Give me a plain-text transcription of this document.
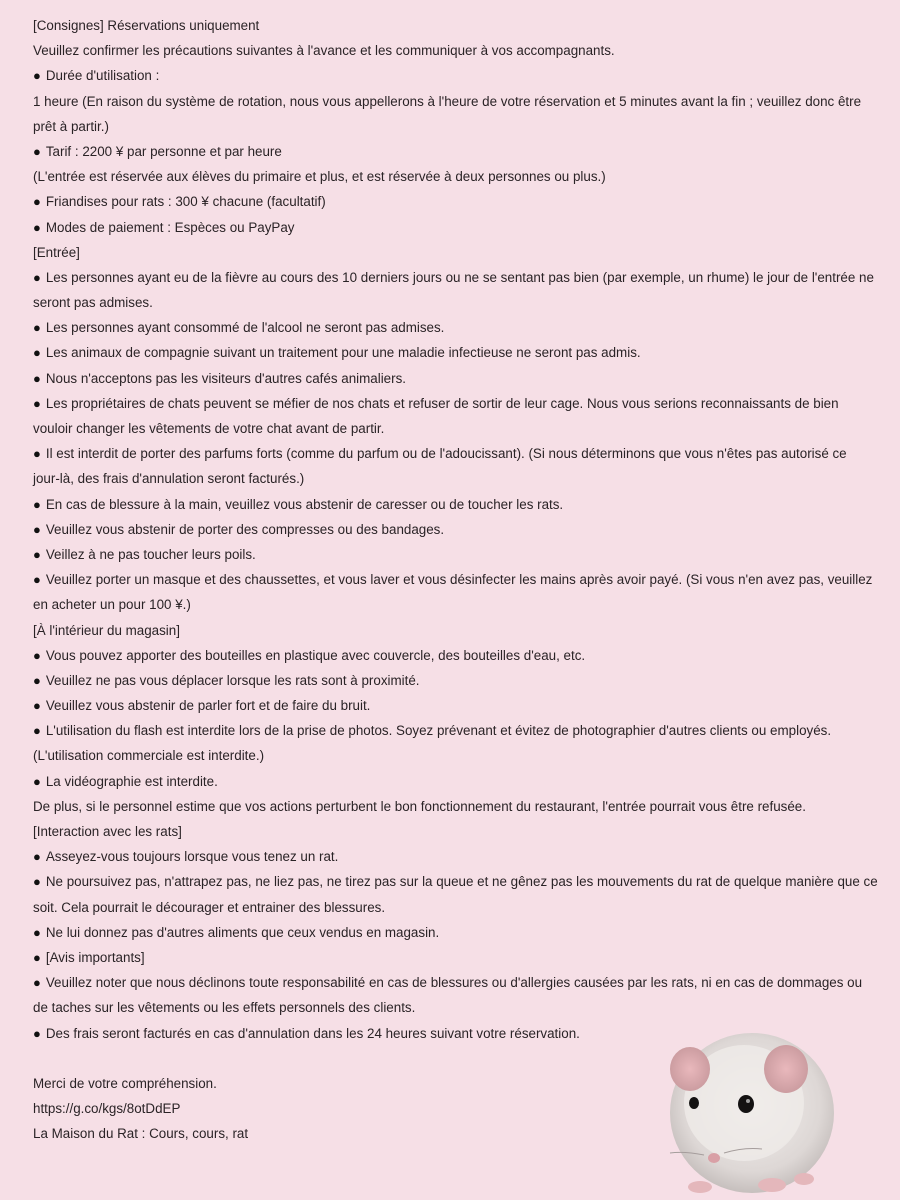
[Consignes] Réservations uniquement
Veuillez confirmer les précautions suivantes à l'avance et les communiquer à vos accompagnants.
● Durée d'utilisation :
1 heure (En raison du système de rotation, nous vous appellerons à l'heure de votre réservation et 5 minutes avant la fin ; veuillez donc être
prêt à partir.)
● Tarif : 2200 ¥ par personne et par heure
(L'entrée est réservée aux élèves du primaire et plus, et est réservée à deux personnes ou plus.)
● Friandises pour rats : 300 ¥ chacune (facultatif)
● Modes de paiement : Espèces ou PayPay
[Entrée]
● Les personnes ayant eu de la fièvre au cours des 10 derniers jours ou ne se sentant pas bien (par exemple, un rhume) le jour de l'entrée ne
seront pas admises.
● Les personnes ayant consommé de l'alcool ne seront pas admises.
● Les animaux de compagnie suivant un traitement pour une maladie infectieuse ne seront pas admis.
● Nous n'acceptons pas les visiteurs d'autres cafés animaliers.
● Les propriétaires de chats peuvent se méfier de nos chats et refuser de sortir de leur cage. Nous vous serions reconnaissants de bien
vouloir changer les vêtements de votre chat avant de partir.
● Il est interdit de porter des parfums forts (comme du parfum ou de l'adoucissant). (Si nous déterminons que vous n'êtes pas autorisé ce
jour-là, des frais d'annulation seront facturés.)
● En cas de blessure à la main, veuillez vous abstenir de caresser ou de toucher les rats.
● Veuillez vous abstenir de porter des compresses ou des bandages.
● Veillez à ne pas toucher leurs poils.
● Veuillez porter un masque et des chaussettes, et vous laver et vous désinfecter les mains après avoir payé. (Si vous n'en avez pas, veuillez
en acheter un pour 100 ¥.)
[À l'intérieur du magasin]
● Vous pouvez apporter des bouteilles en plastique avec couvercle, des bouteilles d'eau, etc.
● Veuillez ne pas vous déplacer lorsque les rats sont à proximité.
● Veuillez vous abstenir de parler fort et de faire du bruit.
● L'utilisation du flash est interdite lors de la prise de photos. Soyez prévenant et évitez de photographier d'autres clients ou employés.
(L'utilisation commerciale est interdite.)
● La vidéographie est interdite.
De plus, si le personnel estime que vos actions perturbent le bon fonctionnement du restaurant, l'entrée pourrait vous être refusée.
[Interaction avec les rats]
● Asseyez-vous toujours lorsque vous tenez un rat.
● Ne poursuivez pas, n'attrapez pas, ne liez pas, ne tirez pas sur la queue et ne gênez pas les mouvements du rat de quelque manière que ce
soit. Cela pourrait le décourager et entrainer des blessures.
● Ne lui donnez pas d'autres aliments que ceux vendus en magasin.
● [Avis importants]
● Veuillez noter que nous déclinons toute responsabilité en cas de blessures ou d'allergies causées par les rats, ni en cas de dommages ou
de taches sur les vêtements ou les effets personnels des clients.
● Des frais seront facturés en cas d'annulation dans les 24 heures suivant votre réservation.
Merci de votre compréhension.
https://g.co/kgs/8otDdEP
La Maison du Rat : Cours, cours, rat
